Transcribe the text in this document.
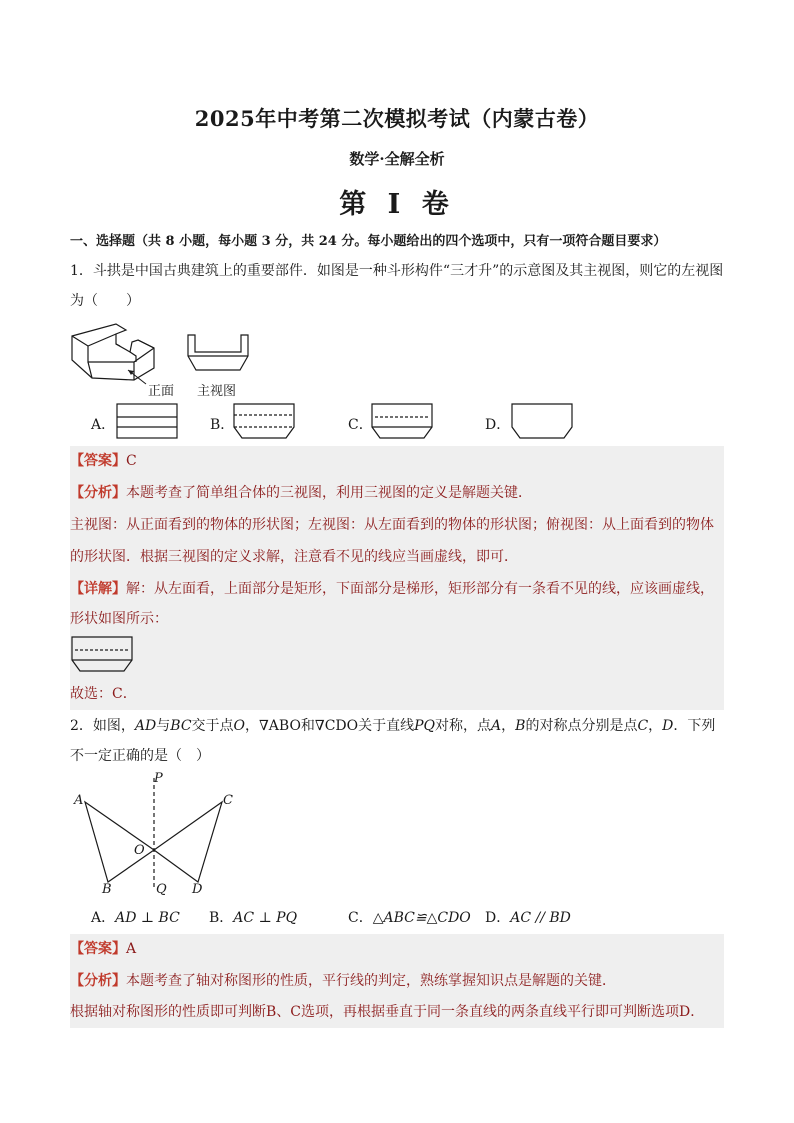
2025年中考第二次模拟考试（内蒙古卷）
数学·全解全析
第 I 卷
一、选择题（共 8 小题，每小题 3 分，共 24 分。每小题给出的四个选项中，只有一项符合题目要求）
1．斗拱是中国古典建筑上的重要部件．如图是一种斗形构件“三才升”的示意图及其主视图，则它的左视图
为（　　）
正面 主视图
A．	B．	C．	D．
【答案】C
【分析】本题考查了简单组合体的三视图，利用三视图的定义是解题关键．
主视图：从正面看到的物体的形状图；左视图：从左面看到的物体的形状图；俯视图：从上面看到的物体
的形状图．根据三视图的定义求解，注意看不见的线应当画虚线，即可．
【详解】解：从左面看，上面部分是矩形，下面部分是梯形，矩形部分有一条看不见的线，应该画虚线，
形状如图所示：
故选：C．
2．如图，AD与BC交于点O，∇ABO和∇CDO关于直线PQ对称，点A，B的对称点分别是点C，D．下列
不一定正确的是（　）
P
A	C
O
B	Q D
A．AD ⊥ BC B．AC ⊥ PQ	C．△ABC≌△CDO D．AC // BD
【答案】A
【分析】本题考查了轴对称图形的性质，平行线的判定，熟练掌握知识点是解题的关键．
根据轴对称图形的性质即可判断B、C选项，再根据垂直于同一条直线的两条直线平行即可判断选项D．
